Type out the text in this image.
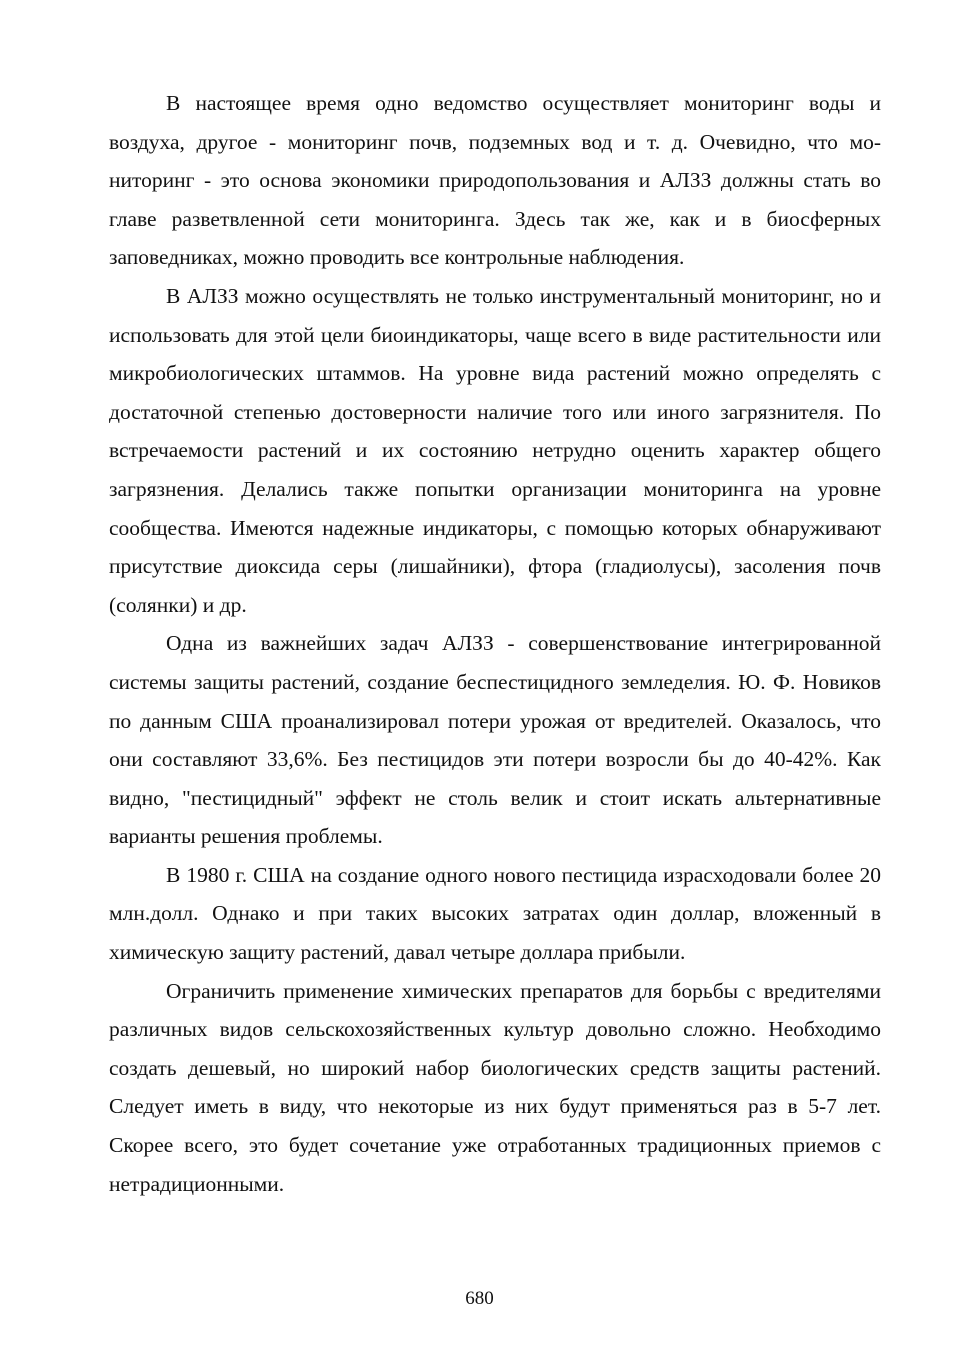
В настоящее время одно ведомство осуществляет мониторинг воды и воздуха, другое - мониторинг почв, подземных вод и т. д. Очевидно, что мониторинг - это основа экономики природопользования и АЛЗЗ должны стать во главе разветвленной сети мониторинга. Здесь так же, как и в биосферных заповедниках, можно проводить все контрольные наблюдения.

В АЛЗЗ можно осуществлять не только инструментальный мониторинг, но и использовать для этой цели биоиндикаторы, чаще всего в виде растительности или микробиологических штаммов. На уровне вида растений можно определять с достаточной степенью достоверности наличие того или иного загрязнителя. По встречаемости растений и их состоянию нетрудно оценить характер общего загрязнения. Делались также попытки организации мониторинга на уровне сообщества. Имеются надежные индикаторы, с помощью которых обнаруживают присутствие диоксида серы (лишайники), фтора (гладиолусы), засоления почв (солянки) и др.

Одна из важнейших задач АЛЗЗ - совершенствование интегрированной системы защиты растений, создание беспестицидного земледелия. Ю. Ф. Новиков по данным США проанализировал потери урожая от вредителей. Оказалось, что они составляют 33,6%. Без пестицидов эти потери возросли бы до 40-42%. Как видно, "пестицидный" эффект не столь велик и стоит искать альтернативные варианты решения проблемы.

В 1980 г. США на создание одного нового пестицида израсходовали более 20 млн.долл. Однако и при таких высоких затратах один доллар, вложенный в химическую защиту растений, давал четыре доллара прибыли.

Ограничить применение химических препаратов для борьбы с вредителями различных видов сельскохозяйственных культур довольно сложно. Необходимо создать дешевый, но широкий набор биологических средств защиты растений. Следует иметь в виду, что некоторые из них будут применяться раз в 5-7 лет. Скорее всего, это будет сочетание уже отработанных традиционных приемов с нетрадиционными.

680
